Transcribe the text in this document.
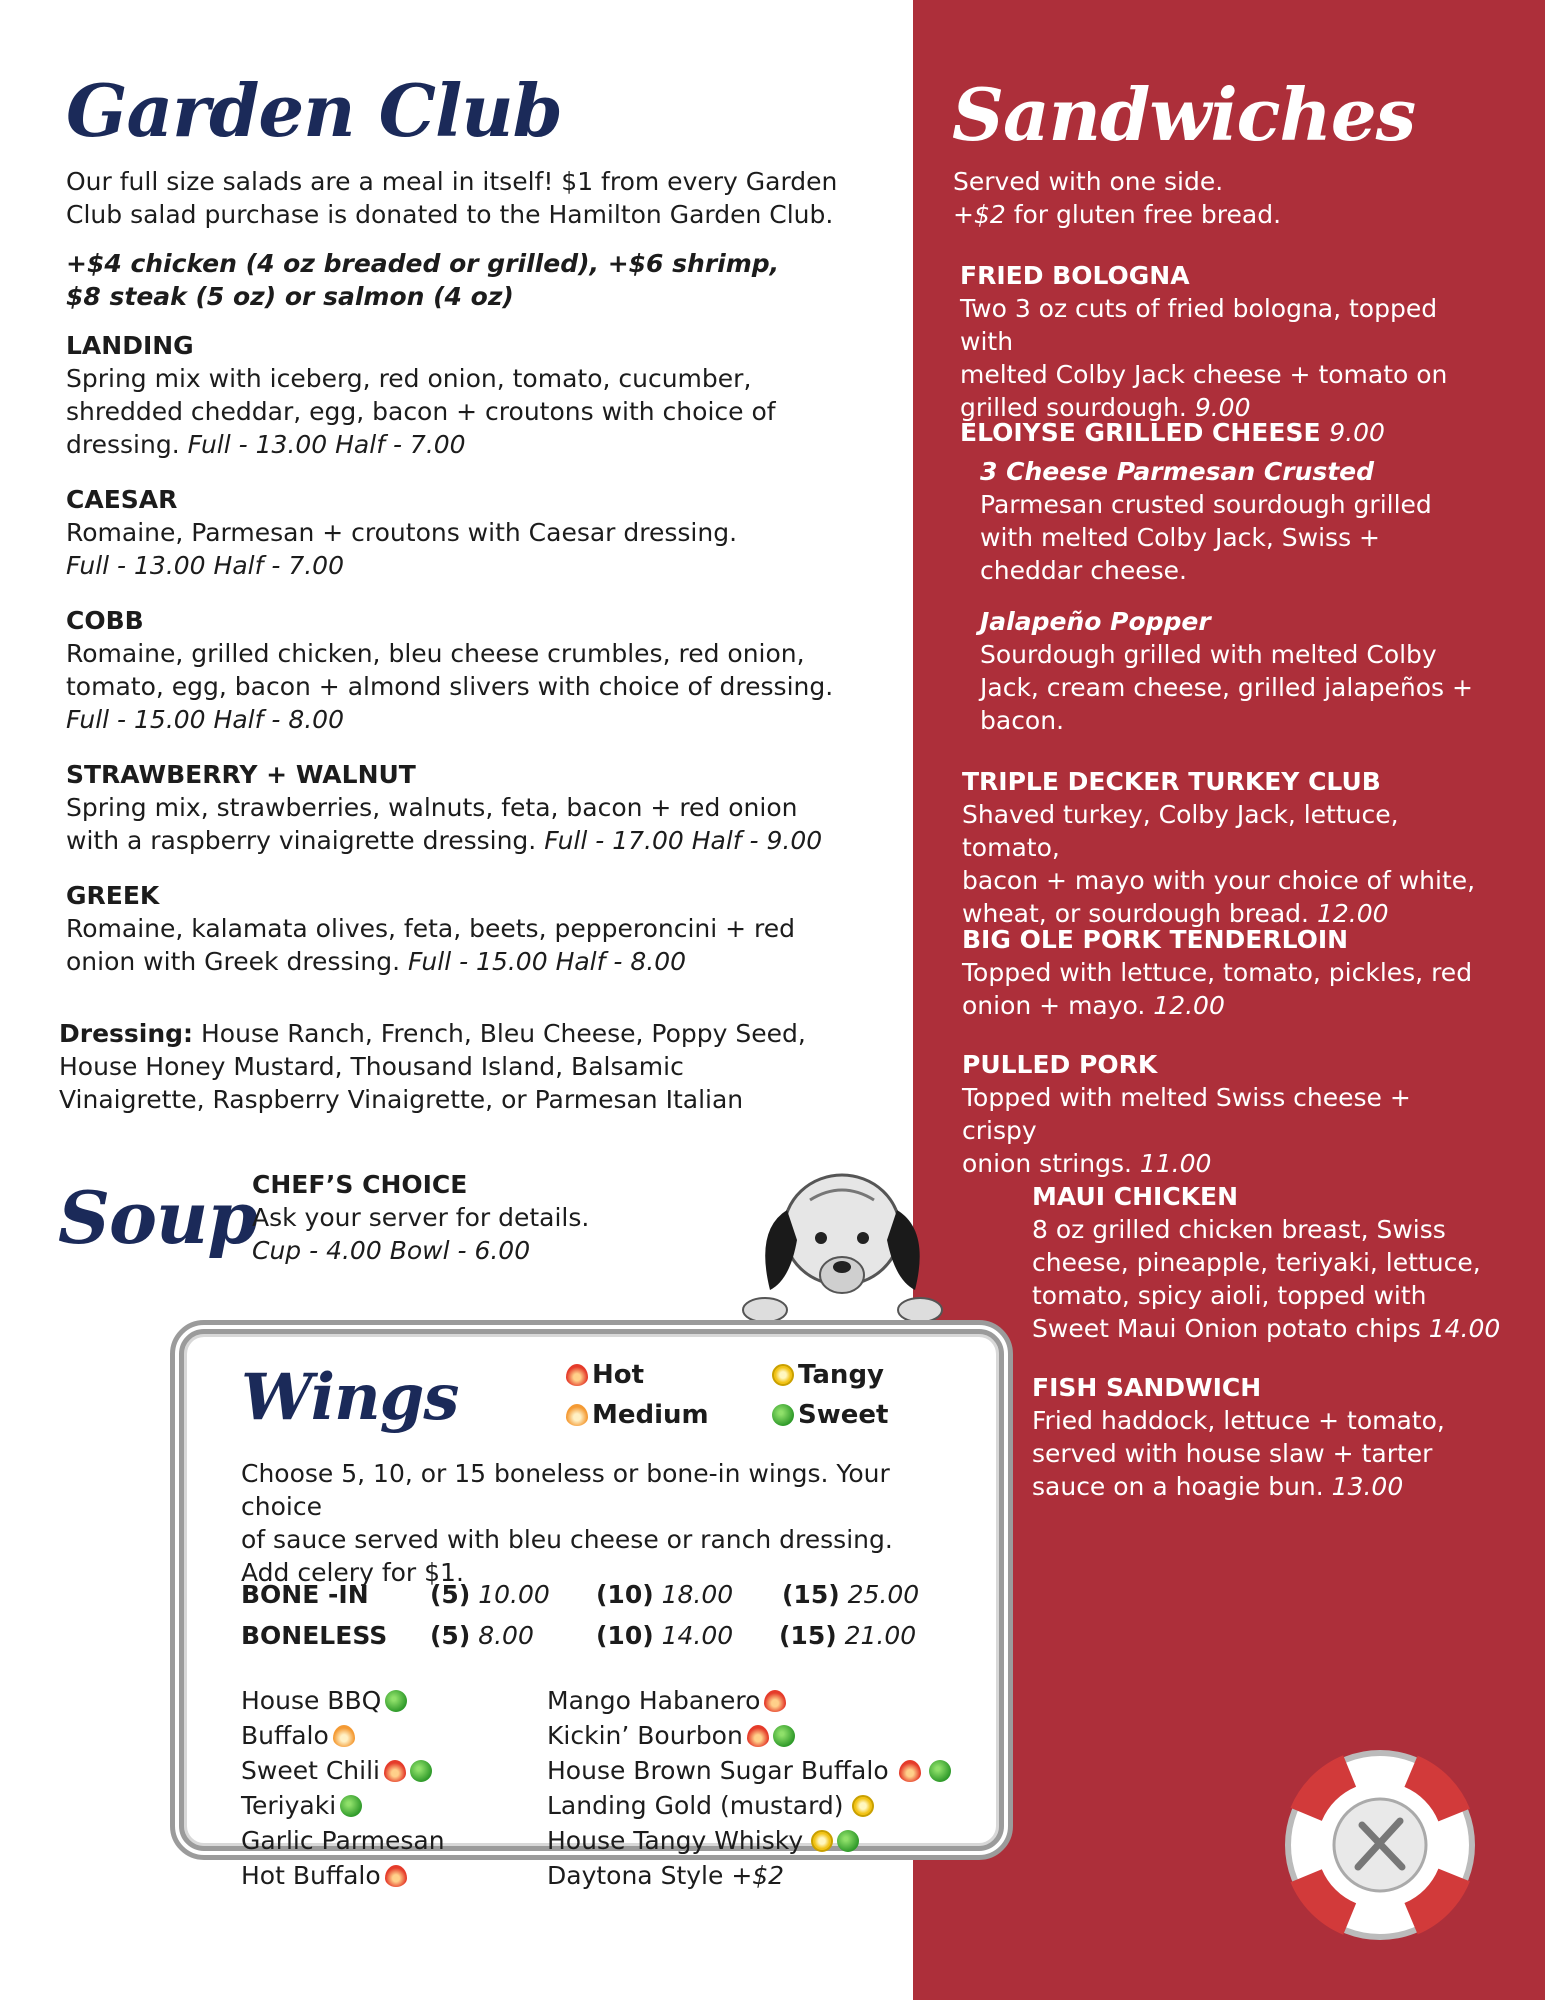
Garden Club

Our full size salads are a meal in itself! $1 from every Garden

Club salad purchase is donated to the Hamilton Garden Club.

+$4 chicken (4 oz breaded or grilled), +$6 shrimp,

$8 steak (5 oz) or salmon (4 oz)

LANDING

Spring mix with iceberg, red onion, tomato, cucumber,

shredded cheddar, egg, bacon + croutons with choice of

dressing. Full - 13.00 Half - 7.00

CAESAR

Romaine, Parmesan + croutons with Caesar dressing.

Full - 13.00 Half - 7.00

COBB

Romaine, grilled chicken, bleu cheese crumbles, red onion,

tomato, egg, bacon + almond slivers with choice of dressing.

Full - 15.00 Half - 8.00

STRAWBERRY + WALNUT

Spring mix, strawberries, walnuts, feta, bacon + red onion

with a raspberry vinaigrette dressing. Full - 17.00 Half - 9.00

GREEK

Romaine, kalamata olives, feta, beets, pepperoncini + red

onion with Greek dressing. Full - 15.00 Half - 8.00

Dressing: House Ranch, French, Bleu Cheese, Poppy Seed,

House Honey Mustard, Thousand Island, Balsamic

Vinaigrette, Raspberry Vinaigrette, or Parmesan Italian

Sandwiches

Served with one side.

+$2 for gluten free bread.

FRIED BOLOGNA

Two 3 oz cuts of fried bologna, topped with

melted Colby Jack cheese + tomato on

grilled sourdough. 9.00

ELOIYSE GRILLED CHEESE 9.00

3 Cheese Parmesan Crusted

Parmesan crusted sourdough grilled

with melted Colby Jack, Swiss +

cheddar cheese.

Jalapeño Popper

Sourdough grilled with melted Colby

Jack, cream cheese, grilled jalapeños +

bacon.

TRIPLE DECKER TURKEY CLUB

Shaved turkey, Colby Jack, lettuce, tomato,

bacon + mayo with your choice of white,

wheat, or sourdough bread. 12.00

BIG OLE PORK TENDERLOIN

Topped with lettuce, tomato, pickles, red

onion + mayo. 12.00

PULLED PORK

Topped with melted Swiss cheese + crispy

onion strings. 11.00

MAUI CHICKEN

8 oz grilled chicken breast, Swiss

cheese, pineapple, teriyaki, lettuce,

tomato, spicy aioli, topped with

Sweet Maui Onion potato chips 14.00

FISH SANDWICH

Fried haddock, lettuce + tomato,

served with house slaw + tarter

sauce on a hoagie bun. 13.00

Soup

CHEF’S CHOICE

Ask your server for details.

Cup - 4.00 Bowl - 6.00

Wings	Hot
Medium
Tangy
Sweet

Choose 5, 10, or 15 boneless or bone-in wings. Your choice

of sauce served with bleu cheese or ranch dressing.

Add celery for $1.

BONE -IN (5) 10.00 (10) 18.00 (15) 25.00
BONELESS (5) 8.00 (10) 14.00 (15) 21.00
House BBQ
Buffalo
Sweet Chili
Teriyaki
Garlic Parmesan
Hot Buffalo
Mango Habanero
Kickin’ Bourbon
House Brown Sugar Buffalo
Landing Gold (mustard)
House Tangy Whisky
Daytona Style +$2
